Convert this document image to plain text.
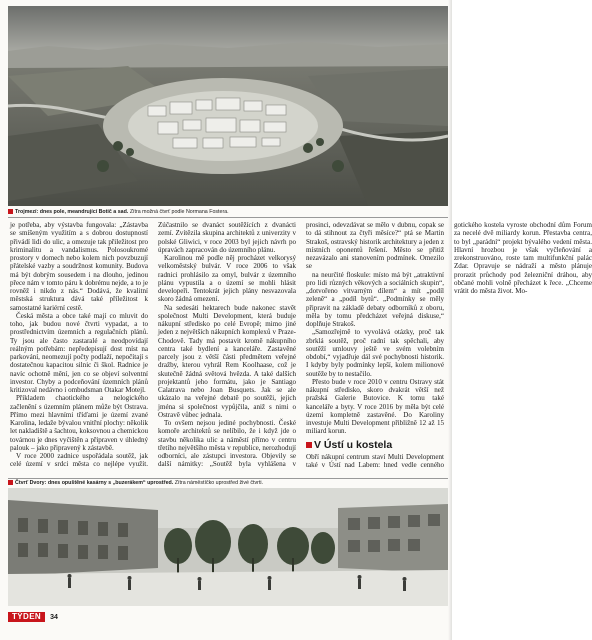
Trojmezí: dnes pole, meandrující Botič a sad. Zítra možná čtvrť podle Normana Fostera.

je potřeba, aby výstavba fungovala: „Zástavba se smíšeným využitím a s dobrou dostupností přivádí lidi do ulic, a omezuje tak přiležitost pro kriminalitu a vandalismus. Polosoukromé prostory v domech nebo kolem nich povzbuzují přátelské vazby a soudržnost komunity. Budova má být dobrým sousedem i na dlouho, jedinou přece nám v tomto páru k dobrému nejde, a to je rovněž i nikdo z nás.“ Dodává, že kvalitní městská struktura dává také příležitost k samostatné kariérní cestě.

Česká města a obce také mají co mluvit do toho, jak budou nové čtvrti vypadat, a to prostřednictvím územních a regulačních plánů. Ty jsou ale často zastaralé a neodpovídají reálným potřebám: nepředepisují dost míst na parkování, neomezují počty podlaží, nepočítají s dostatečnou kapacitou silnic či škol. Radnice je navíc ochotně mění, jen co se objeví solventní investor. Chyby a podceňování územních plánů kritizoval nedávno i ombudsman Otakar Motejl.

Příkladem chaotického a nelogického začlenění s územním plánem může být Ostrava. Přímo mezi hlavními tříďami je území zvané Karolina, ledaže bývalou vnitřní plochy: několik let nakladiště a šachtou, koksovnou a chemickou továrnou je dnes vyčištěn a připraven v úhledný palouk – jako připravený k zástavbě.

V roce 2000 zadnice uspořádala soutěž, jak celé území v srdci města co nejlépe využít. Zúčastnilo se dvanáct soutěžících z dvanácti zemí. Zvítězila skupina architektů z univerzity v polské Gliwici, v roce 2003 byl jejich návrh po úpravách zapracován do územního plánu.

Karolinou mě podle něj procházet velkorysý velkoměstský bulvár. V roce 2006 to však radnici prohlásilo za omyl, bulvár z územního plánu vypustila a o území se mohli hlásit developeři. Tentokrát jejich plány nesvazovala skoro žádná omezení.

Na sedesáti hektarech bude nakonec stavět společnost Multi Development, která buduje nákupní středisko po celé Evropě; mimo jiné jeden z největších nákupních komplexů v Praze-Chodově. Tady má postavit kromě nákupního centra také bydlení a kanceláře. Zastavěné parcely jsou z větší části předmětem veřejné dražby, kterou vyhrál Rem Koolhaase, což je skutečně žádná světová hvězda. A také dalších projektantů jeho formátu, jako je Santiago Calatrava nebo Joan Busquets. Jak se ale ukázalo na veřejné debatě po soutěži, jejich jména si společnost vypůjčila, aniž s nimi o Ostravě vůbec jednala.

To ovšem nejsou jediné pochybnosti. České komoře architektů se nelíbilo, že i když jde o stavbu několika ulic a náměstí přímo v centru třetího největšího města v republice, nerozhodují odborníci, ale zástupci investora. Objevily se další námitky: „Soutěž byla vyhlášena v prosinci, odevzdávat se mělo v dubnu, copak se to dá stihnout za čtyři měsíce?“ ptá se Martin Strakoš, ostravský historik architektury a jeden z místních oponentů řešení. Město se přitiž nezavázalo ani stanovením podmínek. Omezilo se

na neurčité floskule: místo má být „atraktivní pro lidi různých věkových a sociálních skupin“, „dotvořeno vitvarným dílem“ a mít „podíl zeleně“ a „podíl bytů“. „Podmínky se měly připravit na základě debaty odborníků z oboru, měla by tomu předcházet veřejná diskuse,“ doplňuje Strakoš.

„Samozřejmě to vyvolává otázky, proč tak zbrklá soutěž, proč radní tak spěchali, aby soutěží umlouvy ještě ve svém volebním období,“ vyjadřuje dál své pochybnosti historik. I kdyby byly podmínky lepší, kolem milionové soutěže by to nestačilo.

Přesto bude v roce 2010 v centru Ostravy stát nákupní středisko, skoro dvakrát větší než pražská Galerie Butovice. K tomu také kanceláře a byty. V roce 2016 by měla být celé území kompletně zastavěné. Do Karoliny investuje Multi Development přibližně 12 až 15 miliard korun.

V Ústí u kostela

Obří nákupní centrum staví Multi Development také v Ústí nad Labem: hned vedle cenného gotického kostela vyroste obchodní dům Forum za necelé dvě miliardy korun. Přestavba centra, to byl „parádní“ projekt bývalého vedení města. Hlavní hrozbou je však vyčleňování a zrekonstruováno, roste tam multifunkční palác Zdar. Opravuje se nádraží a město plánuje prorazit průchody pod železniční dráhou, aby občané mohli volně přecházet k řece. „Chceme vrátit do města život. Mo-

Čtvrť Dvory: dnes opuštěné kasárny s „buzerákem“ uprostřed. Zítra náměstíčko uprostřed živé čtvrti.
TÝDEN	34
